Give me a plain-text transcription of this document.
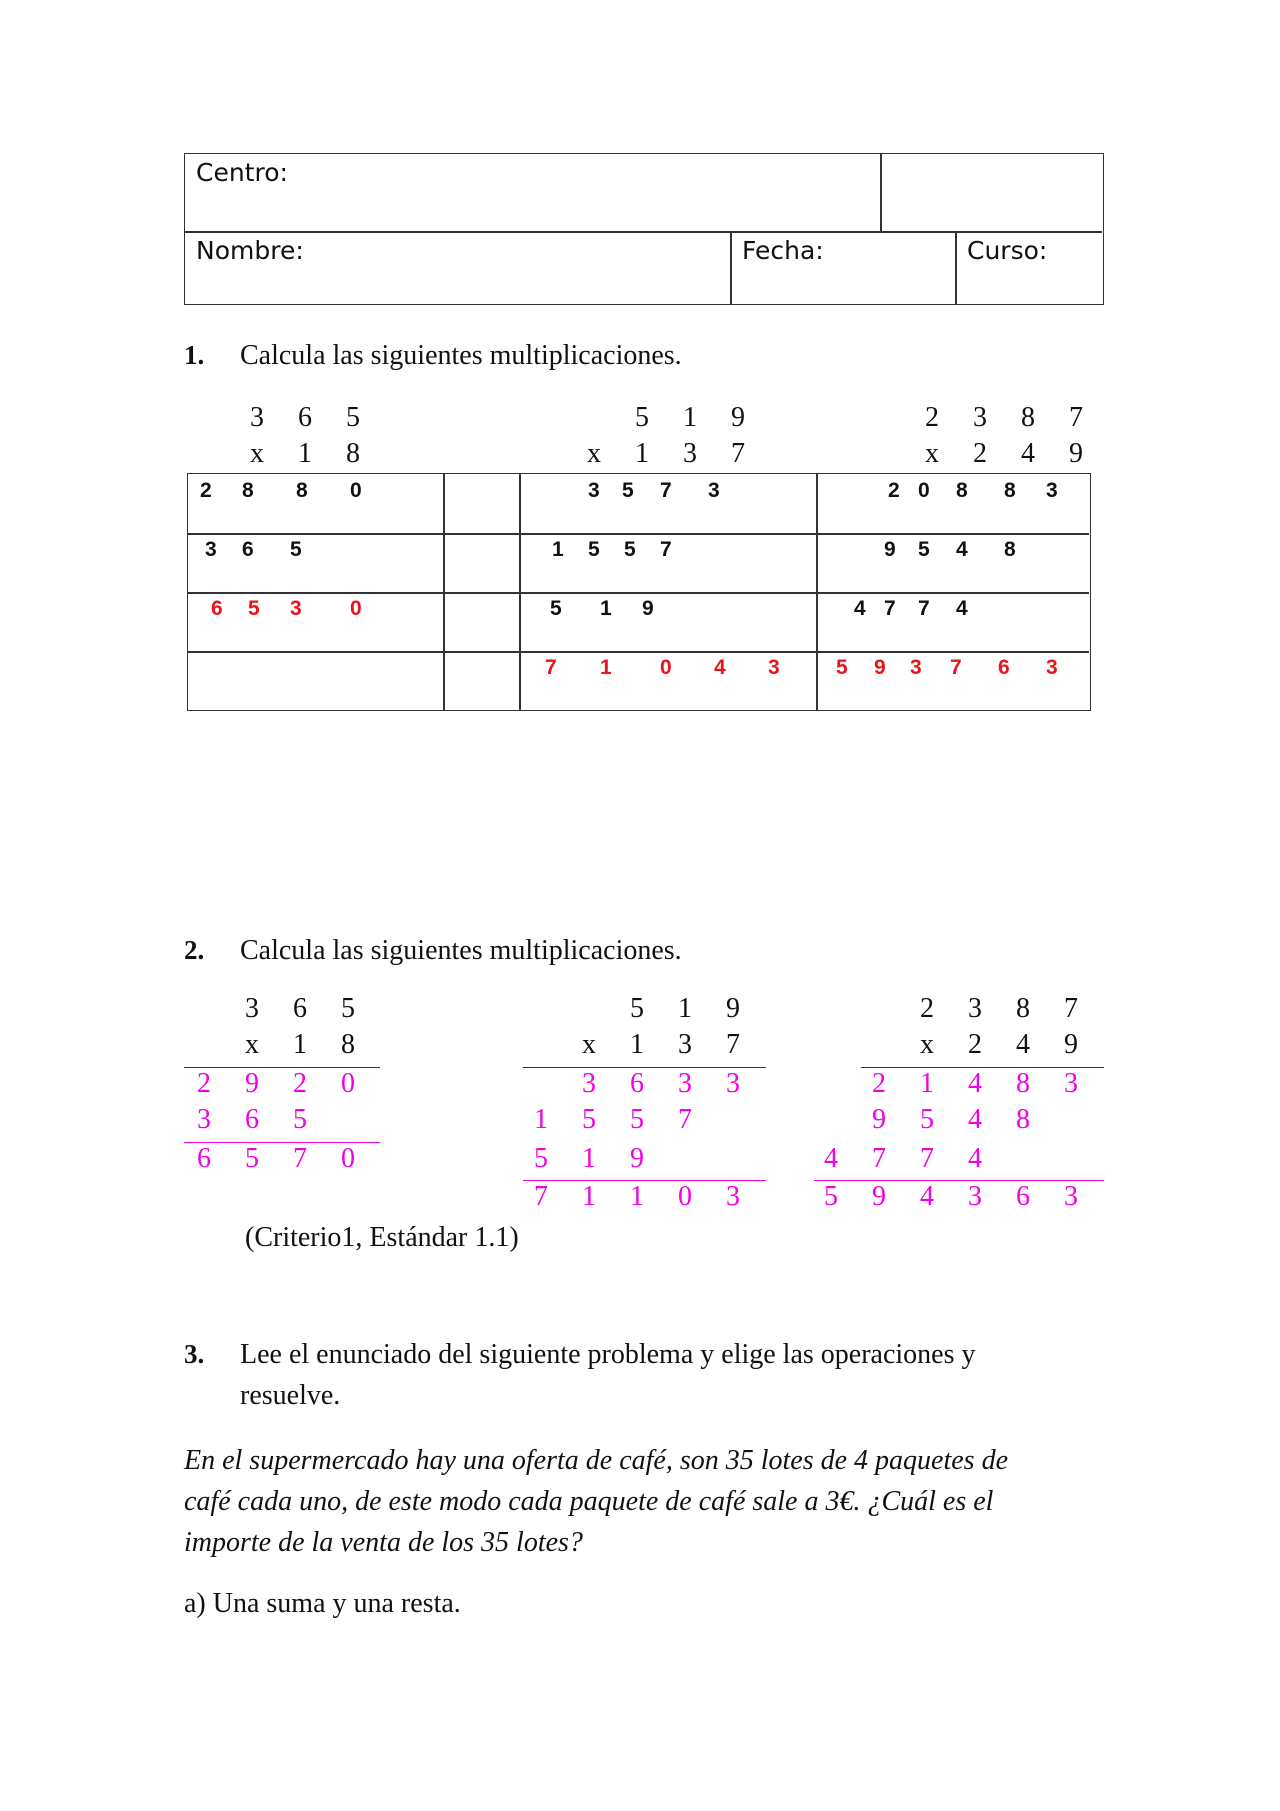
Centro:
Nombre:	Fecha:	Curso:
1. Calcula las siguientes multiplicaciones.
3 6 5
x 1 8
5 1 9
x 1 3 7
2 3 8 7
x 2 4 9
2 8 8 0
3 6 5
6 5 3 0
3 5 7 3
1 5 5 7
5 1 9
7 1 0 4 3
2 0 8 8 3
9 5 4 8
4 7 7 4
5 9 3 7 6 3
2. Calcula las siguientes multiplicaciones.
3 6 5
x 1 8
2 9 2 0
3 6 5
6 5 7 0
5 1 9
x 1 3 7
3 6 3 3
1 5 5 7
5 1 9
7 1 1 0 3
2 3 8 7
x 2 4 9
2 1 4 8 3
9 5 4 8
4 7 7 4
5 9 4 3 6 3
(Criterio1, Estándar 1.1)
3. Lee el enunciado del siguiente problema y elige las operaciones y
resuelve.
En el supermercado hay una oferta de café, son 35 lotes de 4 paquetes de
café cada uno, de este modo cada paquete de café sale a 3€. ¿Cuál es el
importe de la venta de los 35 lotes?
a) Una suma y una resta.
